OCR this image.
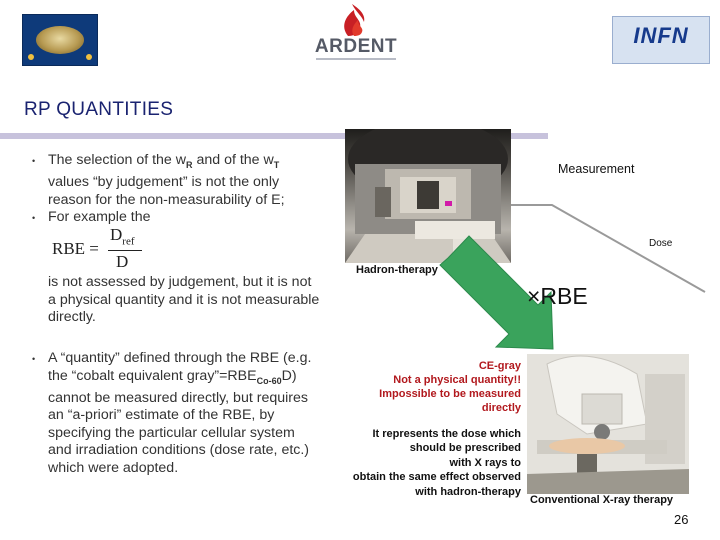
ARDENT	INFN
RP QUANTITIES
• The selection of the $w_R$ and of the $w_T$ values “by judgement” is not the only reason for the non-measurability of E;
• For example the
RBE =
$D_{ref}$
D
is not assessed by judgement, but it is not a physical quantity and it is not measurable directly.
• A “quantity” defined through the RBE (e.g. the “cobalt equivalent $gray”=RBE_{Co-60}D$) cannot be measured directly, but requires an “a-priori” estimate of the RBE, by specifying the particular cellular system and irradiation conditions (dose rate, etc.) which were adopted.
Measurement
Dose
Hadron-therapy
×RBE
CE-gray
Not a physical quantity!!
Impossible to be measured
directly
It represents the dose which
should be prescribed
with X rays to
obtain the same effect observed
with hadron-therapy
Conventional X-ray therapy
26
